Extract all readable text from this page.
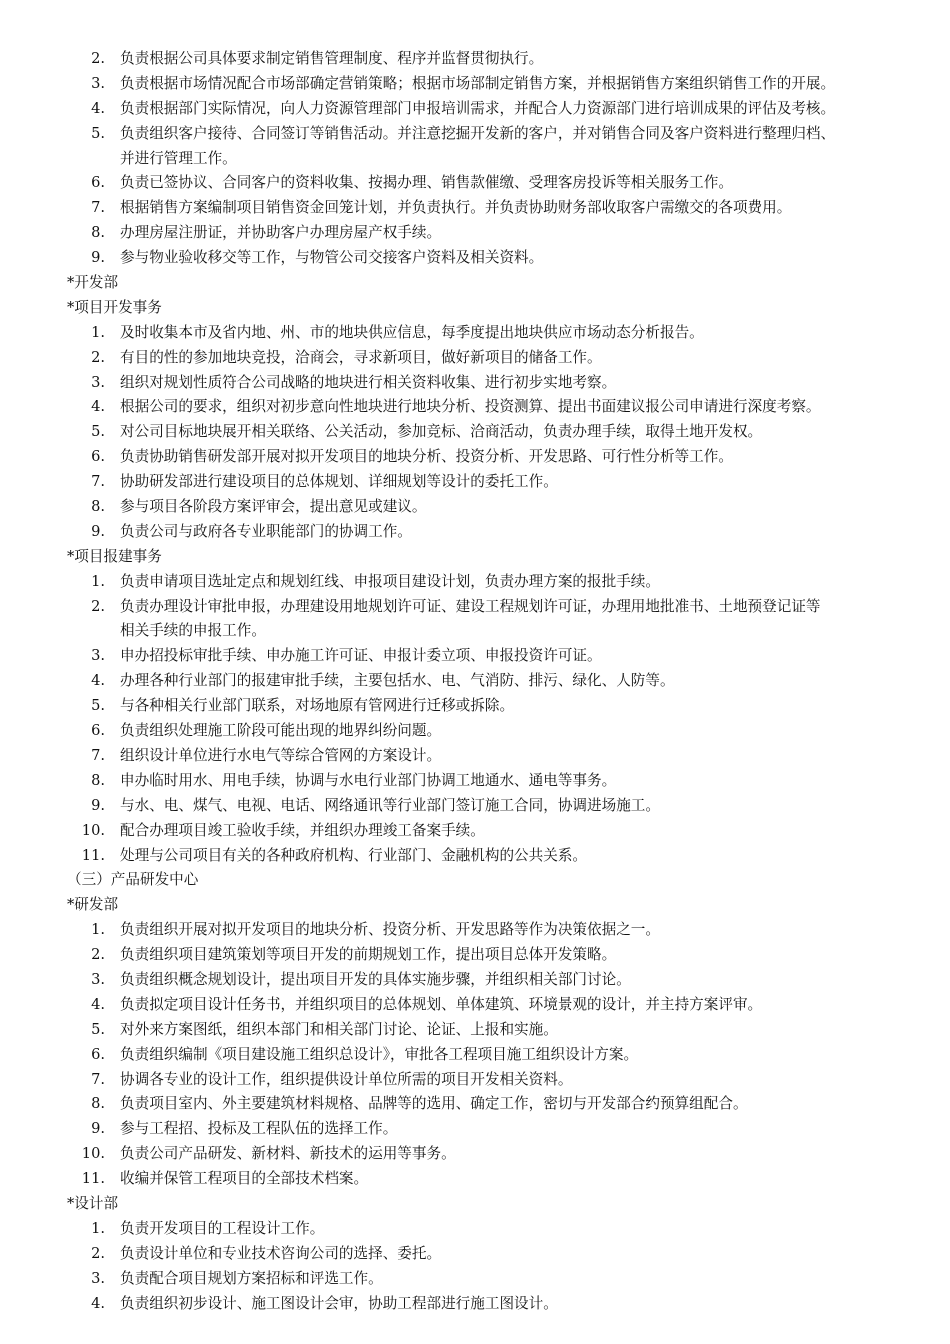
2. 负责根据公司具体要求制定销售管理制度、程序并监督贯彻执行。
3. 负责根据市场情况配合市场部确定营销策略；根据市场部制定销售方案，并根据销售方案组织销售工作的开展。
4. 负责根据部门实际情况，向人力资源管理部门申报培训需求，并配合人力资源部门进行培训成果的评估及考核。
5. 负责组织客户接待、合同签订等销售活动。并注意挖掘开发新的客户，并对销售合同及客户资料进行整理归档、
并进行管理工作。
6. 负责已签协议、合同客户的资料收集、按揭办理、销售款催缴、受理客房投诉等相关服务工作。
7. 根据销售方案编制项目销售资金回笼计划，并负责执行。并负责协助财务部收取客户需缴交的各项费用。
8. 办理房屋注册证，并协助客户办理房屋产权手续。
9. 参与物业验收移交等工作，与物管公司交接客户资料及相关资料。
*开发部
*项目开发事务
1. 及时收集本市及省内地、州、市的地块供应信息，每季度提出地块供应市场动态分析报告。
2. 有目的性的参加地块竞投，洽商会，寻求新项目，做好新项目的储备工作。
3. 组织对规划性质符合公司战略的地块进行相关资料收集、进行初步实地考察。
4. 根据公司的要求，组织对初步意向性地块进行地块分析、投资测算、提出书面建议报公司申请进行深度考察。
5. 对公司目标地块展开相关联络、公关活动，参加竞标、洽商活动，负责办理手续，取得土地开发权。
6. 负责协助销售研发部开展对拟开发项目的地块分析、投资分析、开发思路、可行性分析等工作。
7. 协助研发部进行建设项目的总体规划、详细规划等设计的委托工作。
8. 参与项目各阶段方案评审会，提出意见或建议。
9. 负责公司与政府各专业职能部门的协调工作。
*项目报建事务
1. 负责申请项目选址定点和规划红线、申报项目建设计划，负责办理方案的报批手续。
2. 负责办理设计审批申报，办理建设用地规划许可证、建设工程规划许可证，办理用地批准书、土地预登记证等
相关手续的申报工作。
3. 申办招投标审批手续、申办施工许可证、申报计委立项、申报投资许可证。
4. 办理各种行业部门的报建审批手续，主要包括水、电、气消防、排污、绿化、人防等。
5. 与各种相关行业部门联系，对场地原有管网进行迁移或拆除。
6. 负责组织处理施工阶段可能出现的地界纠纷问题。
7. 组织设计单位进行水电气等综合管网的方案设计。
8. 申办临时用水、用电手续，协调与水电行业部门协调工地通水、通电等事务。
9. 与水、电、煤气、电视、电话、网络通讯等行业部门签订施工合同，协调进场施工。
10. 配合办理项目竣工验收手续，并组织办理竣工备案手续。
11. 处理与公司项目有关的各种政府机构、行业部门、金融机构的公共关系。
（三）产品研发中心
*研发部
1. 负责组织开展对拟开发项目的地块分析、投资分析、开发思路等作为决策依据之一。
2. 负责组织项目建筑策划等项目开发的前期规划工作，提出项目总体开发策略。
3. 负责组织概念规划设计，提出项目开发的具体实施步骤，并组织相关部门讨论。
4. 负责拟定项目设计任务书，并组织项目的总体规划、单体建筑、环境景观的设计，并主持方案评审。
5. 对外来方案图纸，组织本部门和相关部门讨论、论证、上报和实施。
6. 负责组织编制《项目建设施工组织总设计》，审批各工程项目施工组织设计方案。
7. 协调各专业的设计工作，组织提供设计单位所需的项目开发相关资料。
8. 负责项目室内、外主要建筑材料规格、品牌等的选用、确定工作，密切与开发部合约预算组配合。
9. 参与工程招、投标及工程队伍的选择工作。
10. 负责公司产品研发、新材料、新技术的运用等事务。
11. 收编并保管工程项目的全部技术档案。
*设计部
1. 负责开发项目的工程设计工作。
2. 负责设计单位和专业技术咨询公司的选择、委托。
3. 负责配合项目规划方案招标和评选工作。
4. 负责组织初步设计、施工图设计会审，协助工程部进行施工图设计。
